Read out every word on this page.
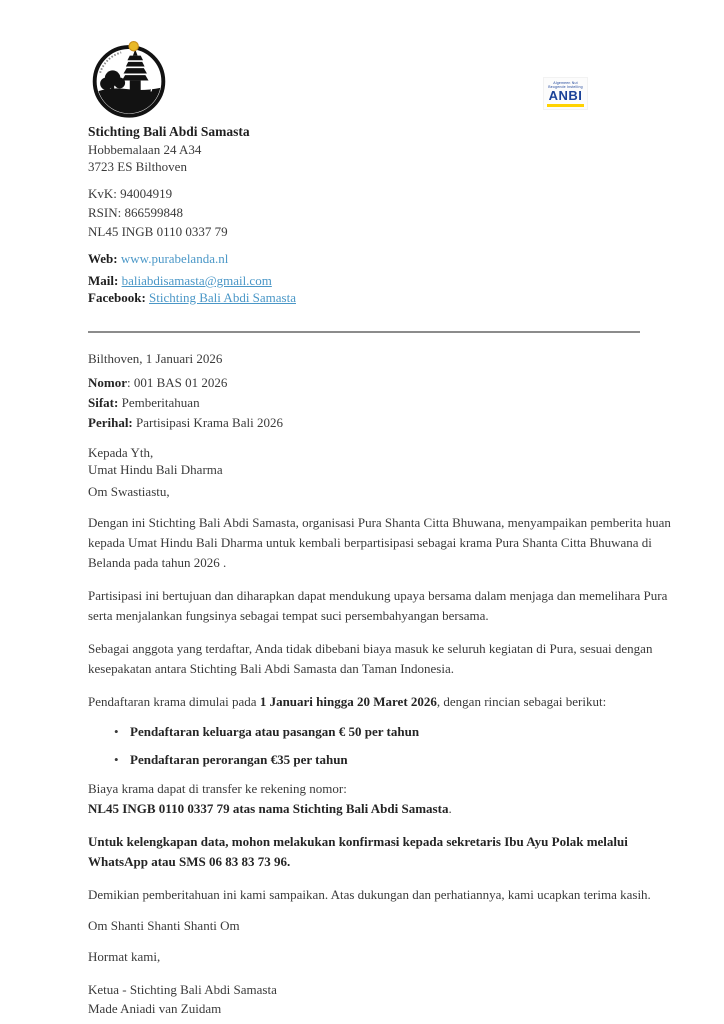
Algemeen Nut Beogende Instelling
ANBI
Stichting Bali Abdi Samasta
Hobbemalaan 24 A34
3723 ES Bilthoven
KvK: 94004919
RSIN: 866599848
NL45 INGB 0110 0337 79
Web: www.purabelanda.nl
Mail: baliabdisamasta@gmail.com
Facebook: Stichting Bali Abdi Samasta
Bilthoven, 1 Januari 2026
Nomor: 001 BAS 01 2026
Sifat: Pemberitahuan
Perihal: Partisipasi Krama Bali 2026
Kepada Yth,
Umat Hindu Bali Dharma
Om Swastiastu,

Dengan ini Stichting Bali Abdi Samasta, organisasi Pura Shanta Citta Bhuwana, menyampaikan pemberita huan kepada Umat Hindu Bali Dharma untuk kembali berpartisipasi sebagai krama Pura Shanta Citta Bhuwana di Belanda pada tahun 2026 .

Partisipasi ini bertujuan dan diharapkan dapat mendukung upaya bersama dalam menjaga dan memelihara Pura serta menjalankan fungsinya sebagai tempat suci persembahyangan bersama.

Sebagai anggota yang terdaftar, Anda tidak dibebani biaya masuk ke seluruh kegiatan di Pura, sesuai dengan kesepakatan antara Stichting Bali Abdi Samasta dan Taman Indonesia.

Pendaftaran krama dimulai pada 1 Januari hingga 20 Maret 2026, dengan rincian sebagai berikut:

• Pendaftaran keluarga atau pasangan € 50 per tahun
• Pendaftaran perorangan €35 per tahun

Biaya krama dapat di transfer ke rekening nomor:
NL45 INGB 0110 0337 79 atas nama Stichting Bali Abdi Samasta.

Untuk kelengkapan data, mohon melakukan konfirmasi kepada sekretaris Ibu Ayu Polak melalui WhatsApp atau SMS 06 83 83 73 96.

Demikian pemberitahuan ini kami sampaikan. Atas dukungan dan perhatiannya, kami ucapkan terima kasih.

Om Shanti Shanti Shanti Om

Hormat kami,

Ketua - Stichting Bali Abdi Samasta
Made Aniadi van Zuidam
